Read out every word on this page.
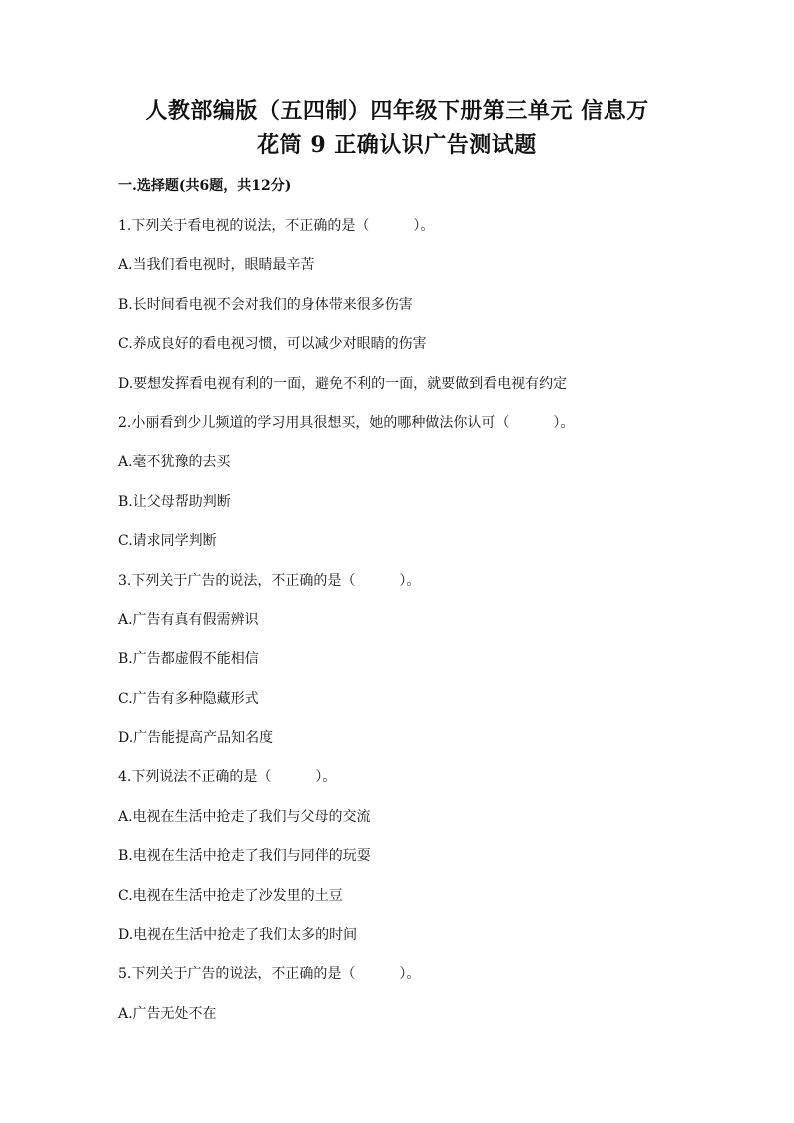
人教部编版（五四制）四年级下册第三单元 信息万
花筒 9 正确认识广告测试题
一.选择题(共6题，共12分)
1.下列关于看电视的说法，不正确的是（	）。
A.当我们看电视时，眼睛最辛苦
B.长时间看电视不会对我们的身体带来很多伤害
C.养成良好的看电视习惯，可以减少对眼睛的伤害
D.要想发挥看电视有利的一面，避免不利的一面，就要做到看电视有约定
2.小丽看到少儿频道的学习用具很想买，她的哪种做法你认可（	）。
A.毫不犹豫的去买
B.让父母帮助判断
C.请求同学判断
3.下列关于广告的说法，不正确的是（	）。
A.广告有真有假需辨识
B.广告都虚假不能相信
C.广告有多种隐藏形式
D.广告能提高产品知名度
4.下列说法不正确的是（	）。
A.电视在生活中抢走了我们与父母的交流
B.电视在生活中抢走了我们与同伴的玩耍
C.电视在生活中抢走了沙发里的土豆
D.电视在生活中抢走了我们太多的时间
5.下列关于广告的说法，不正确的是（	）。
A.广告无处不在
